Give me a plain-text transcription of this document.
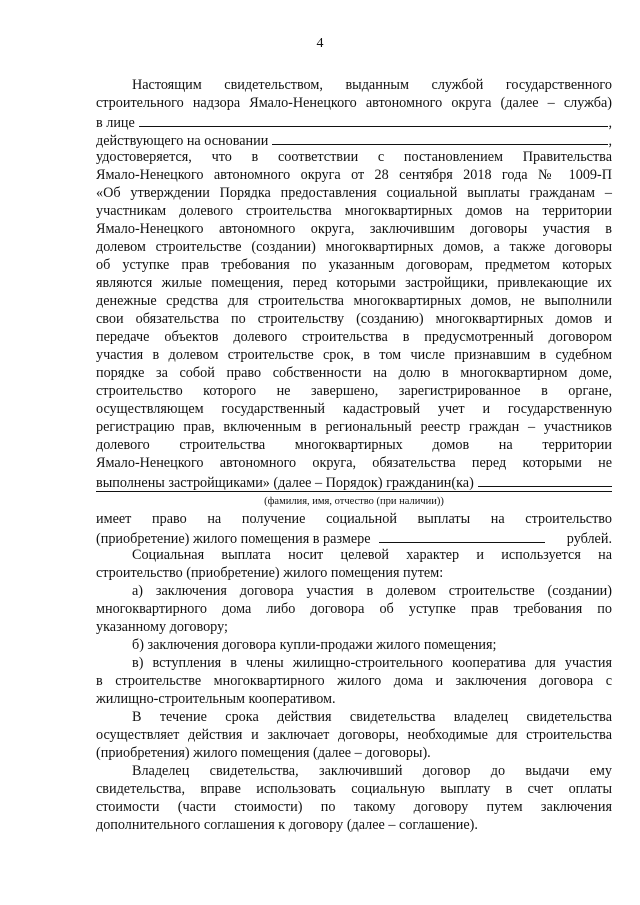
4
Настоящим свидетельством, выданным службой государственного
строительного надзора Ямало-Ненецкого автономного округа (далее – служба)
в лице	,
действующего на основании	,
удостоверяется, что в соответствии с постановлением Правительства
Ямало-Ненецкого автономного округа от 28 сентября 2018 года № 1009-П
«Об утверждении Порядка предоставления социальной выплаты гражданам –
участникам долевого строительства многоквартирных домов на территории
Ямало-Ненецкого автономного округа, заключившим договоры участия в
долевом строительстве (создании) многоквартирных домов, а также договоры
об уступке прав требования по указанным договорам, предметом которых
являются жилые помещения, перед которыми застройщики, привлекающие их
денежные средства для строительства многоквартирных домов, не выполнили
свои обязательства по строительству (созданию) многоквартирных домов и
передаче объектов долевого строительства в предусмотренный договором
участия в долевом строительстве срок, в том числе признавшим в судебном
порядке за собой право собственности на долю в многоквартирном доме,
строительство которого не завершено, зарегистрированное в органе,
осуществляющем государственный кадастровый учет и государственную
регистрацию прав, включенным в региональный реестр граждан – участников
долевого строительства многоквартирных домов на территории
Ямало-Ненецкого автономного округа, обязательства перед которыми не
выполнены застройщиками» (далее – Порядок) гражданин(ка)
(фамилия, имя, отчество (при наличии))
имеет право на получение социальной выплаты на строительство
(приобретение) жилого помещения в размере	рублей.
Социальная выплата носит целевой характер и используется на
строительство (приобретение) жилого помещения путем:
а) заключения договора участия в долевом строительстве (создании)
многоквартирного дома либо договора об уступке прав требования по
указанному договору;
б) заключения договора купли-продажи жилого помещения;
в) вступления в члены жилищно-строительного кооператива для участия
в строительстве многоквартирного жилого дома и заключения договора с
жилищно-строительным кооперативом.
В течение срока действия свидетельства владелец свидетельства
осуществляет действия и заключает договоры, необходимые для строительства
(приобретения) жилого помещения (далее – договоры).
Владелец свидетельства, заключивший договор до выдачи ему
свидетельства, вправе использовать социальную выплату в счет оплаты
стоимости (части стоимости) по такому договору путем заключения
дополнительного соглашения к договору (далее – соглашение).
